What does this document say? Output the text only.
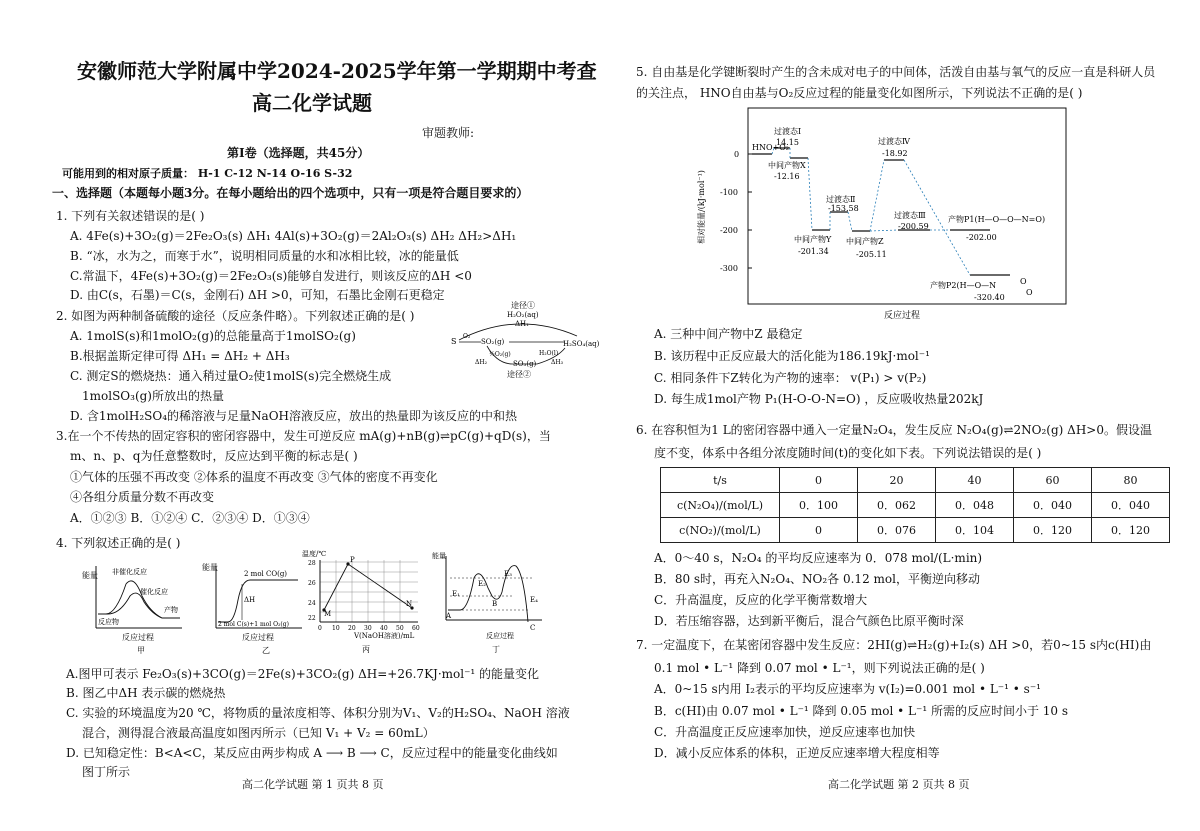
安徽师范大学附属中学2024-2025学年第一学期期中考查
高二化学试题
审题教师:
第Ⅰ卷（选择题，共45分）
可能用到的相对原子质量： H-1 C-12 N-14 O-16 S-32
一、选择题（本题每小题3分。在每小题给出的四个选项中，只有一项是符合题目要求的）
1. 下列有关叙述错误的是( )
A. 4Fe(s)+3O₂(g)＝2Fe₂O₃(s) ΔH₁ 4Al(s)+3O₂(g)＝2Al₂O₃(s) ΔH₂ ΔH₂>ΔH₁
B. “冰，水为之，而寒于水”，说明相同质量的水和冰相比较，冰的能量低
C.常温下，4Fe(s)+3O₂(g)＝2Fe₂O₃(s)能够自发进行，则该反应的ΔH <0
D. 由C(s，石墨)＝C(s，金刚石) ΔH >0，可知，石墨比金刚石更稳定
2. 如图为两种制备硫酸的途径（反应条件略）。下列叙述正确的是( )
A. 1molS(s)和1molO₂(g)的总能量高于1molSO₂(g)
B.根据盖斯定律可得 ΔH₁ = ΔH₂ + ΔH₃
C. 测定S的燃烧热：通入稍过量O₂使1molS(s)完全燃烧生成
1molSO₃(g)所放出的热量
D. 含1molH₂SO₄的稀溶液与足量NaOH溶液反应，放出的热量即为该反应的中和热
途径①
H₂O₂(aq)
ΔH₁
S
O₂
SO₂(g)	H₂SO₄(aq)
½O₂(g)	H₂O(l)
SO₃(g)
ΔH₂	ΔH₃
途径②
3.在一个不传热的固定容积的密闭容器中，发生可逆反应 mA(g)+nB(g)⇌pC(g)+qD(s)，当
m、n、p、q为任意整数时，反应达到平衡的标志是( )
①气体的压强不再改变 ②体系的温度不再改变 ③气体的密度不再变化
④各组分质量分数不再改变
A．①②③ B．①②④ C．②③④ D．①③④
4. 下列叙述正确的是( )
能量 非催化反应
催化反应
反应物
产物
反应过程
甲
能量
2 mol CO(g)
ΔH
2 mol C(s)+1 mol O₂(g)
反应过程
乙
温度/℃
28
26
24
22
0 10 20 30 40 50 60
M
P
N
V(NaOH溶液)/mL
丙
能量
A
B
C
E₁
E₂
E₃
E₄
反应过程
丁
A.图甲可表示 Fe₂O₃(s)+3CO(g)＝2Fe(s)+3CO₂(g) ΔH=+26.7KJ·mol⁻¹ 的能量变化
B. 图乙中ΔH 表示碳的燃烧热
C. 实验的环境温度为20 ℃，将物质的量浓度相等、体积分别为V₁、V₂的H₂SO₄、NaOH 溶液
混合，测得混合液最高温度如图丙所示（已知 V₁ + V₂ = 60mL）
D. 已知稳定性：B<A<C，某反应由两步构成 A ⟶ B ⟶ C，反应过程中的能量变化曲线如
图丁所示
高二化学试题 第 1 页共 8 页
5. 自由基是化学键断裂时产生的含未成对电子的中间体，活泼自由基与氧气的反应一直是科研人员
的关注点， HNO自由基与O₂反应过程的能量变化如图所示，下列说法不正确的是( )
相对能量/(kJ·mol⁻¹)
0
-100
-200
-300
HNO+O₂
过渡态Ⅰ
14.15
中间产物X
-12.16
过渡态Ⅱ
-153.58
中间产物Y
-201.34
中间产物Z
-205.11
过渡态Ⅳ
-18.92
过渡态Ⅲ
-200.59
产物P1(H—O—O—N=O)
-202.00
产物P2(H—O—N	O
O
-320.40
反应过程
A. 三种中间产物中Z 最稳定
B. 该历程中正反应最大的活化能为186.19kJ·mol⁻¹
C. 相同条件下Z转化为产物的速率： v(P₁) > v(P₂)
D. 每生成1mol产物 P₁(H-O-O-N=O) ，反应吸收热量202kJ
6. 在容积恒为1 L的密闭容器中通入一定量N₂O₄，发生反应 N₂O₄(g)⇌2NO₂(g) ΔH>0。假设温
度不变，体系中各组分浓度随时间(t)的变化如下表。下列说法错误的是( )
t/s	0	20	40	60	80
c(N₂O₄)/(mol/L)	0．100	0．062	0．048	0．040	0．040
c(NO₂)/(mol/L)	0	0．076	0．104	0．120	0．120
A．0～40 s，N₂O₄ 的平均反应速率为 0．078 mol/(L·min)
B．80 s时，再充入N₂O₄、NO₂各 0.12 mol，平衡逆向移动
C．升高温度，反应的化学平衡常数增大
D．若压缩容器，达到新平衡后，混合气颜色比原平衡时深
7. 一定温度下，在某密闭容器中发生反应：2HI(g)⇌H₂(g)+I₂(s) ΔH >0，若0~15 s内c(HI)由
0.1 mol • L⁻¹ 降到 0.07 mol • L⁻¹，则下列说法正确的是( )
A．0~15 s内用 I₂表示的平均反应速率为 v(I₂)=0.001 mol • L⁻¹ • s⁻¹
B．c(HI)由 0.07 mol • L⁻¹ 降到 0.05 mol • L⁻¹ 所需的反应时间小于 10 s
C．升高温度正反应速率加快，逆反应速率也加快
D．减小反应体系的体积，正逆反应速率增大程度相等
高二化学试题 第 2 页共 8 页
